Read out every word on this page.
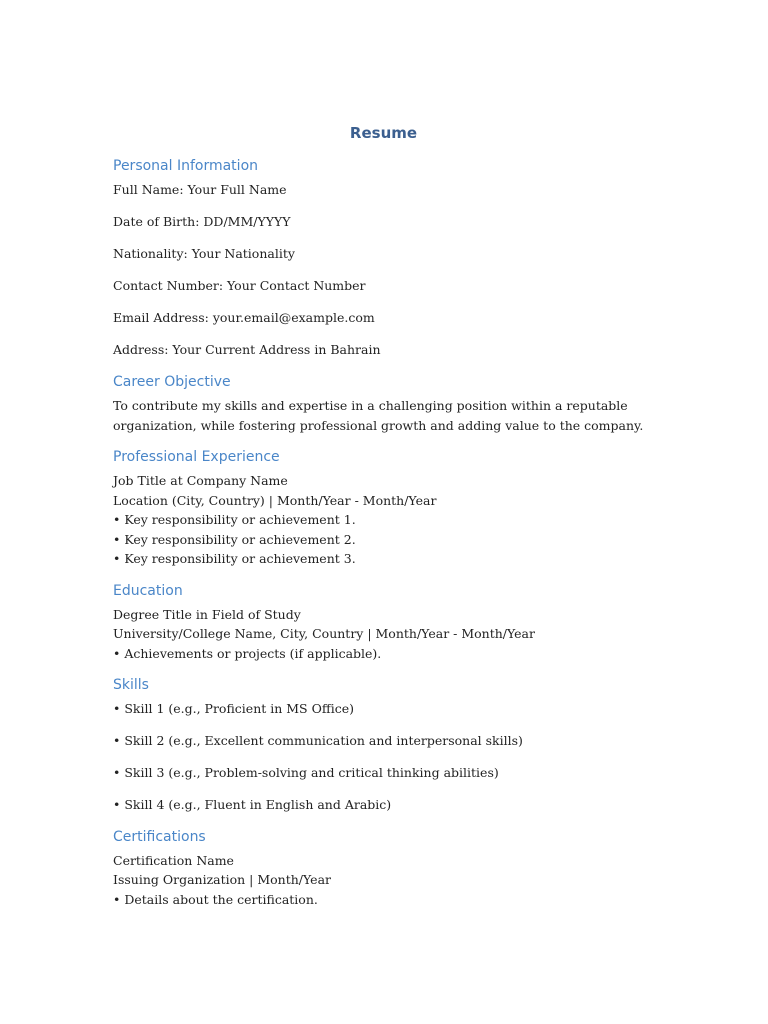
Resume
Personal Information

Full Name: Your Full Name

Date of Birth: DD/MM/YYYY

Nationality: Your Nationality

Contact Number: Your Contact Number

Email Address: your.email@example.com

Address: Your Current Address in Bahrain

Career Objective

To contribute my skills and expertise in a challenging position within a reputable

organization, while fostering professional growth and adding value to the company.

Professional Experience

Job Title at Company Name

Location (City, Country) | Month/Year - Month/Year

• Key responsibility or achievement 1.

• Key responsibility or achievement 2.

• Key responsibility or achievement 3.

Education

Degree Title in Field of Study

University/College Name, City, Country | Month/Year - Month/Year

• Achievements or projects (if applicable).

Skills

• Skill 1 (e.g., Proficient in MS Office)

• Skill 2 (e.g., Excellent communication and interpersonal skills)

• Skill 3 (e.g., Problem-solving and critical thinking abilities)

• Skill 4 (e.g., Fluent in English and Arabic)

Certifications

Certification Name

Issuing Organization | Month/Year

• Details about the certification.
